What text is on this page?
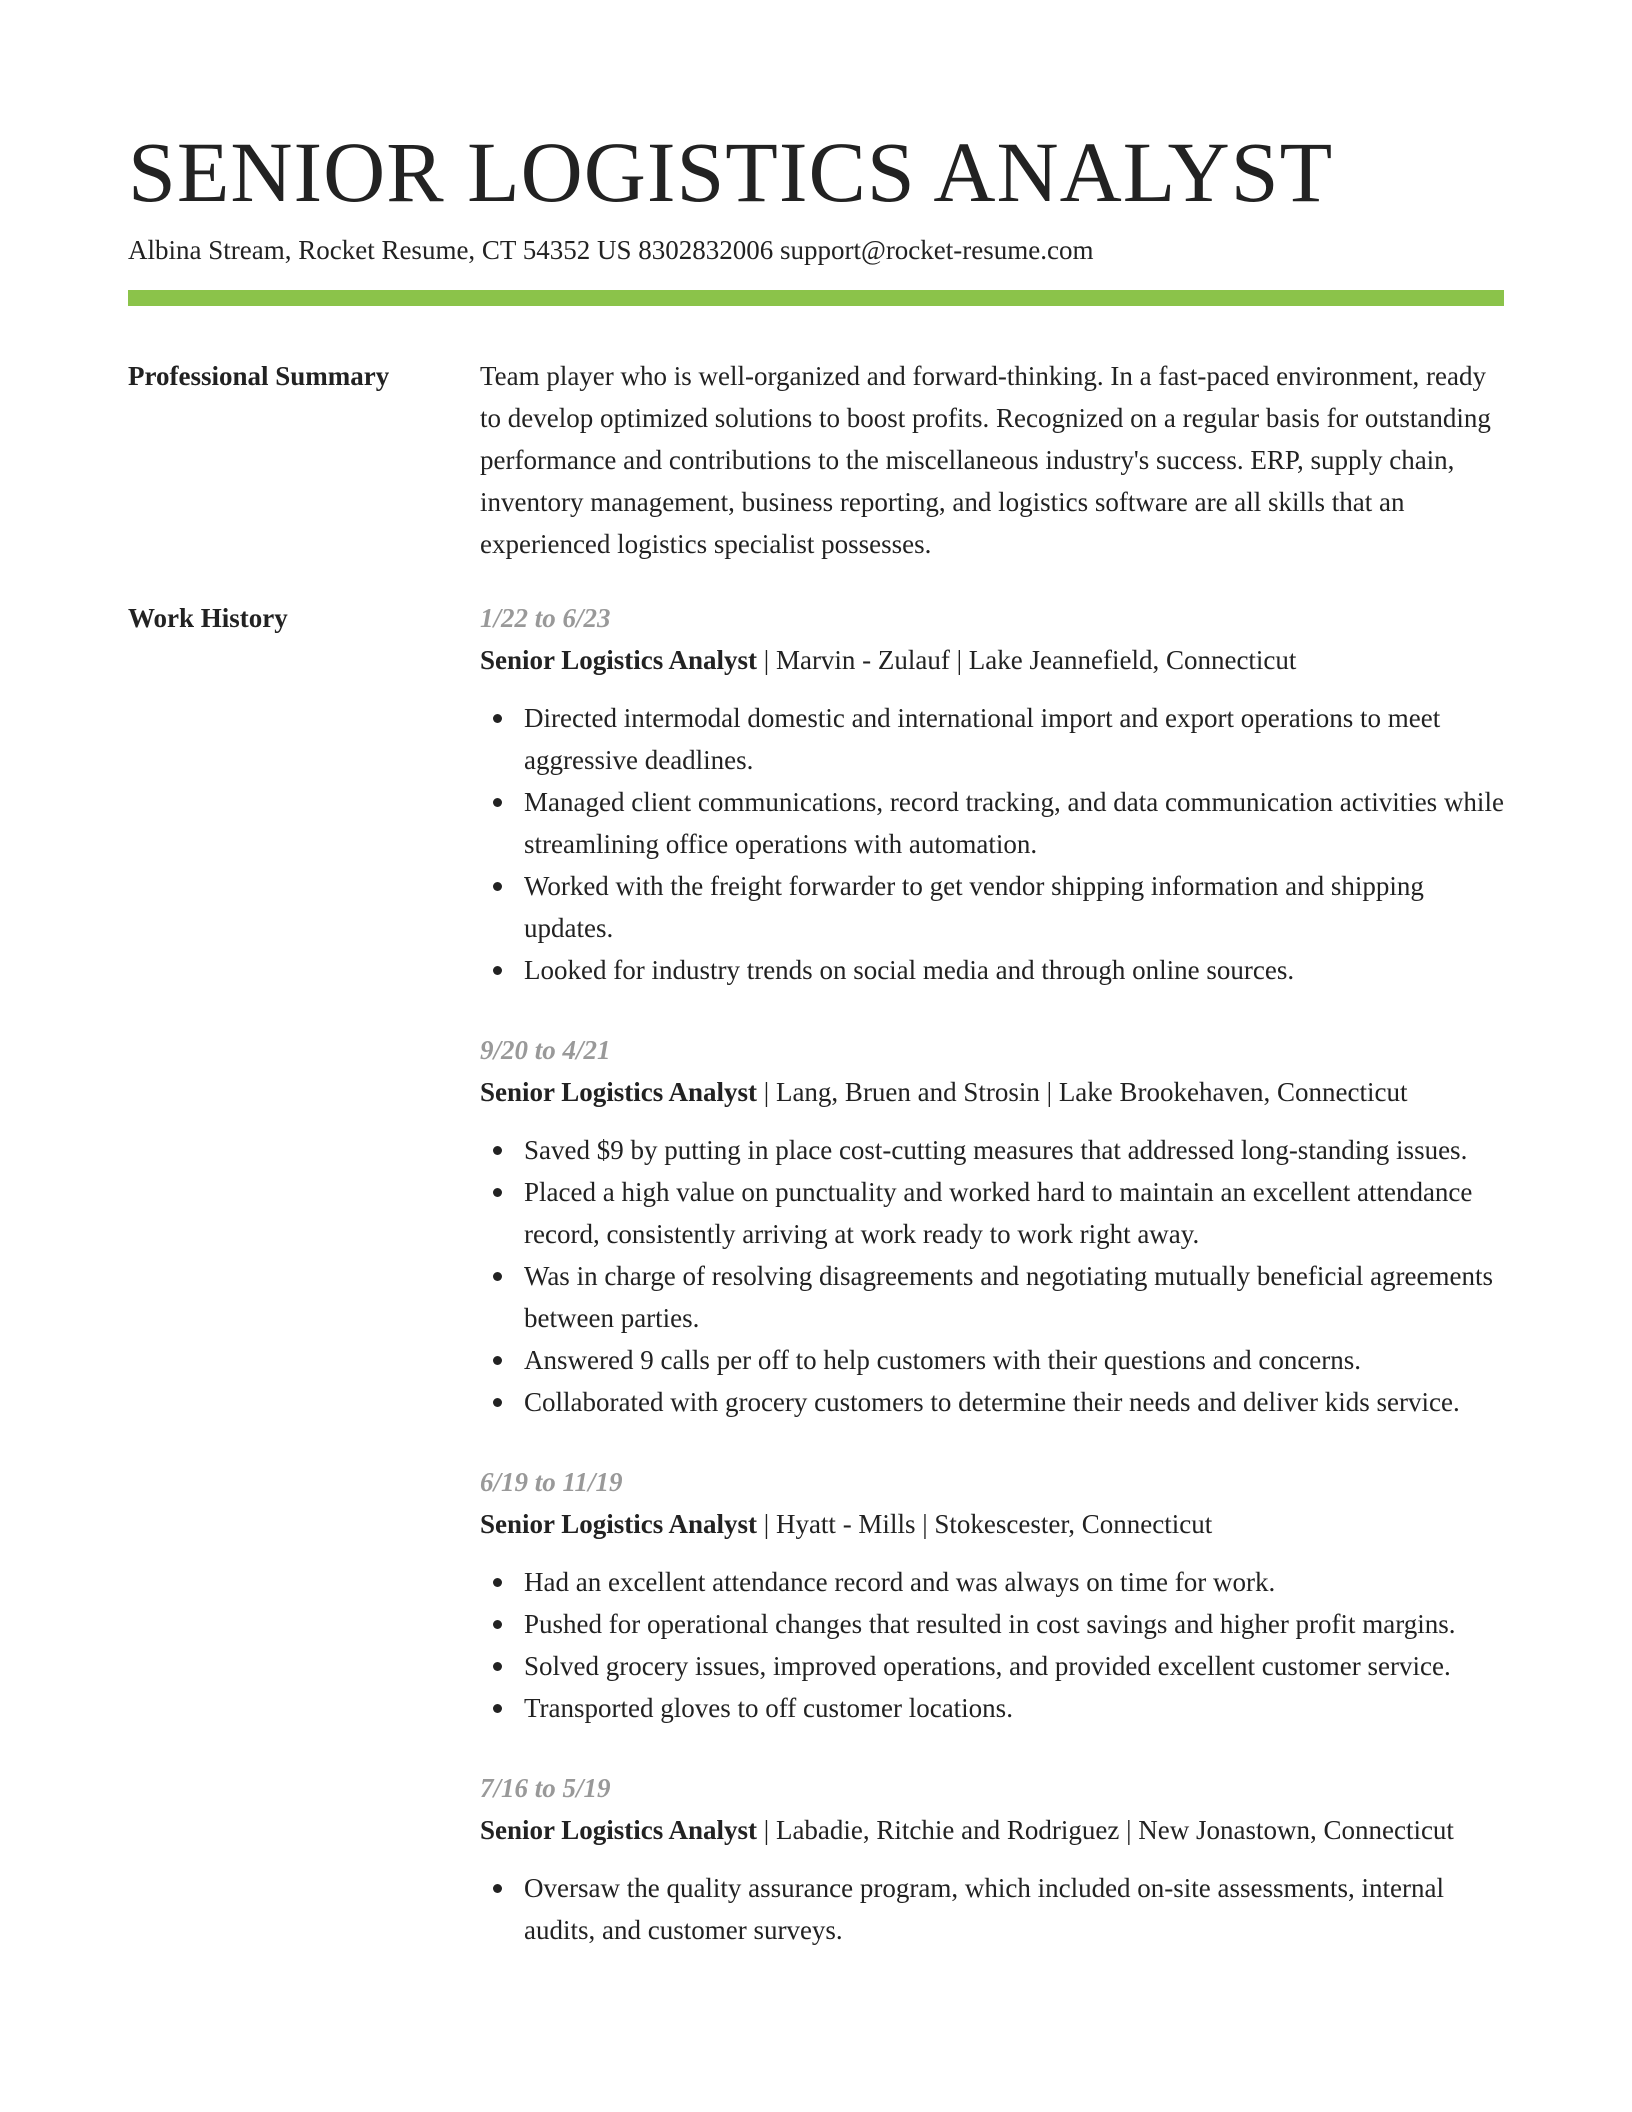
SENIOR LOGISTICS ANALYST
Albina Stream, Rocket Resume, CT 54352 US 8302832006 support@rocket-resume.com
Professional Summary	Team player who is well-organized and forward-thinking. In a fast-paced environment, ready to develop optimized solutions to boost profits. Recognized on a regular basis for outstanding performance and contributions to the miscellaneous industry's success. ERP, supply chain, inventory management, business reporting, and logistics software are all skills that an experienced logistics specialist possesses.
Work History	1/22 to 6/23
Senior Logistics Analyst | Marvin - Zulauf | Lake Jeannefield, Connecticut
Directed intermodal domestic and international import and export operations to meet aggressive deadlines.
Managed client communications, record tracking, and data communication activities while streamlining office operations with automation.
Worked with the freight forwarder to get vendor shipping information and shipping updates.
Looked for industry trends on social media and through online sources.
9/20 to 4/21
Senior Logistics Analyst | Lang, Bruen and Strosin | Lake Brookehaven, Connecticut
Saved $9 by putting in place cost-cutting measures that addressed long-standing issues.
Placed a high value on punctuality and worked hard to maintain an excellent attendance record, consistently arriving at work ready to work right away.
Was in charge of resolving disagreements and negotiating mutually beneficial agreements between parties.
Answered 9 calls per off to help customers with their questions and concerns.
Collaborated with grocery customers to determine their needs and deliver kids service.
6/19 to 11/19
Senior Logistics Analyst | Hyatt - Mills | Stokescester, Connecticut
Had an excellent attendance record and was always on time for work.
Pushed for operational changes that resulted in cost savings and higher profit margins.
Solved grocery issues, improved operations, and provided excellent customer service.
Transported gloves to off customer locations.
7/16 to 5/19
Senior Logistics Analyst | Labadie, Ritchie and Rodriguez | New Jonastown, Connecticut
Oversaw the quality assurance program, which included on-site assessments, internal audits, and customer surveys.
